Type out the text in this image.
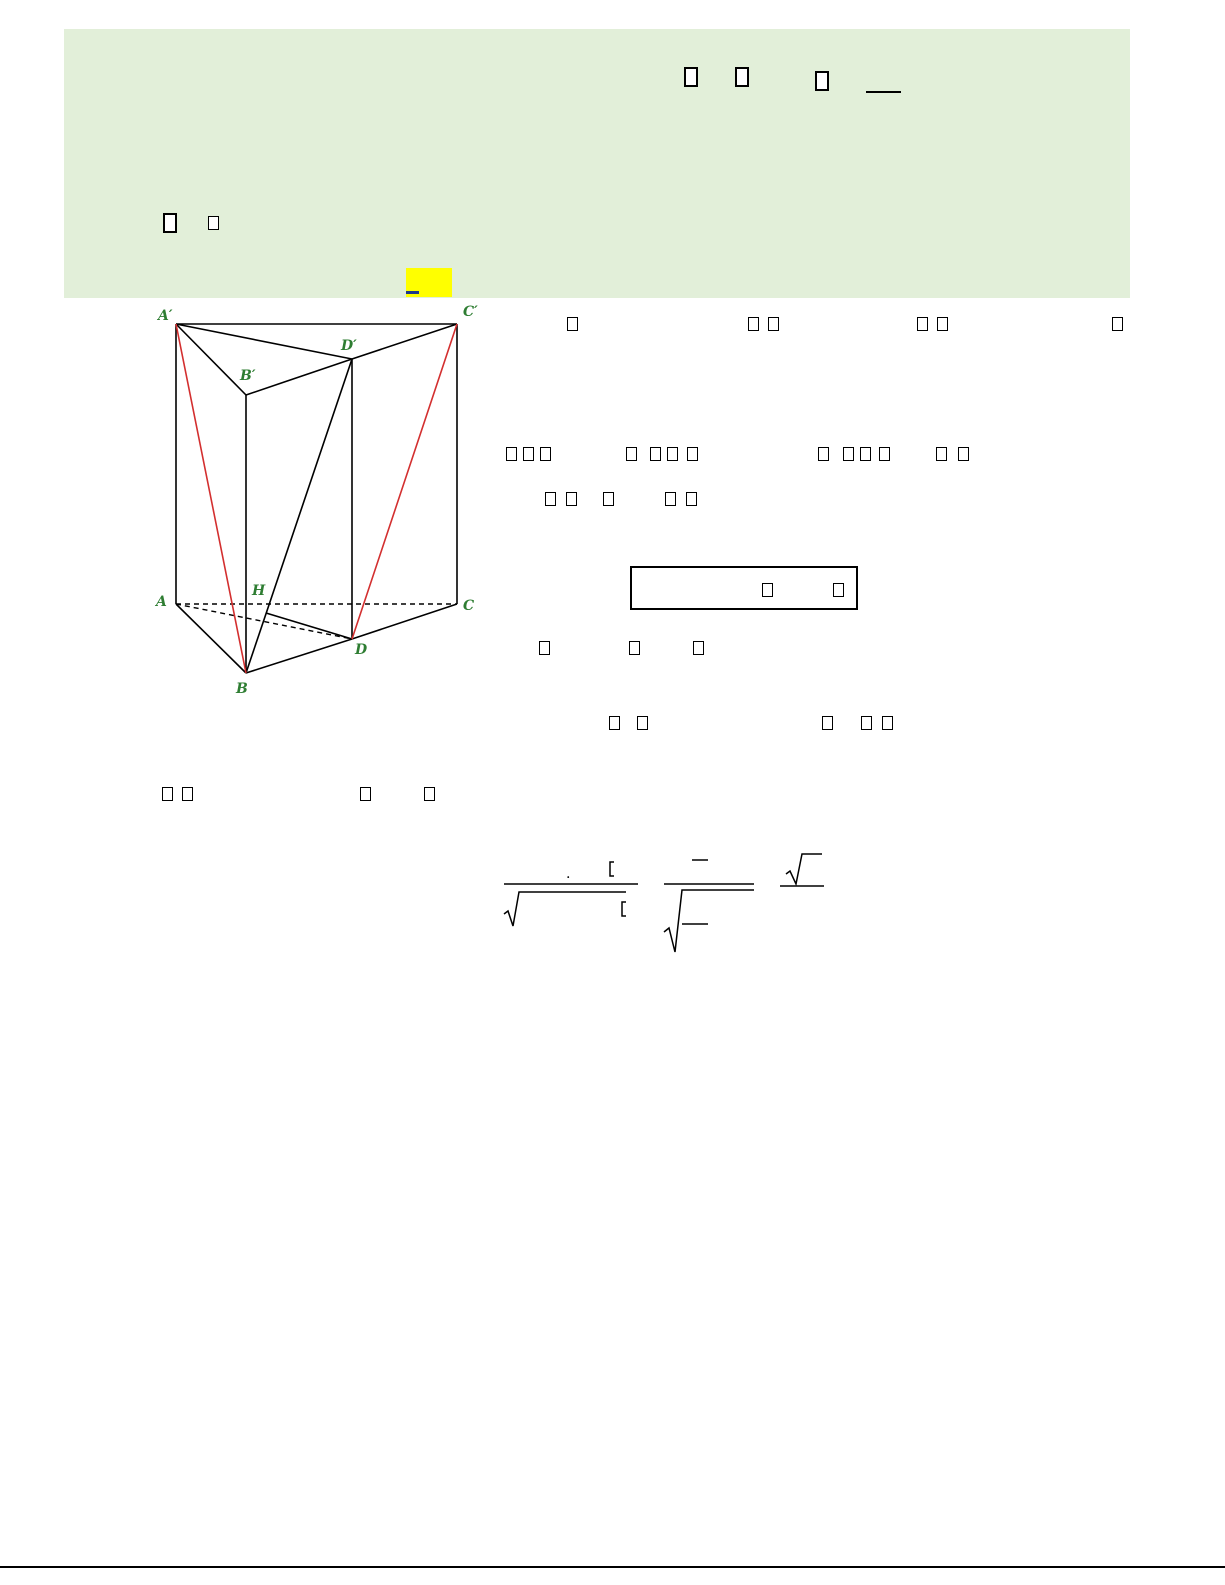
A′	C′
D′
B′
A
H
C
D
B
.
